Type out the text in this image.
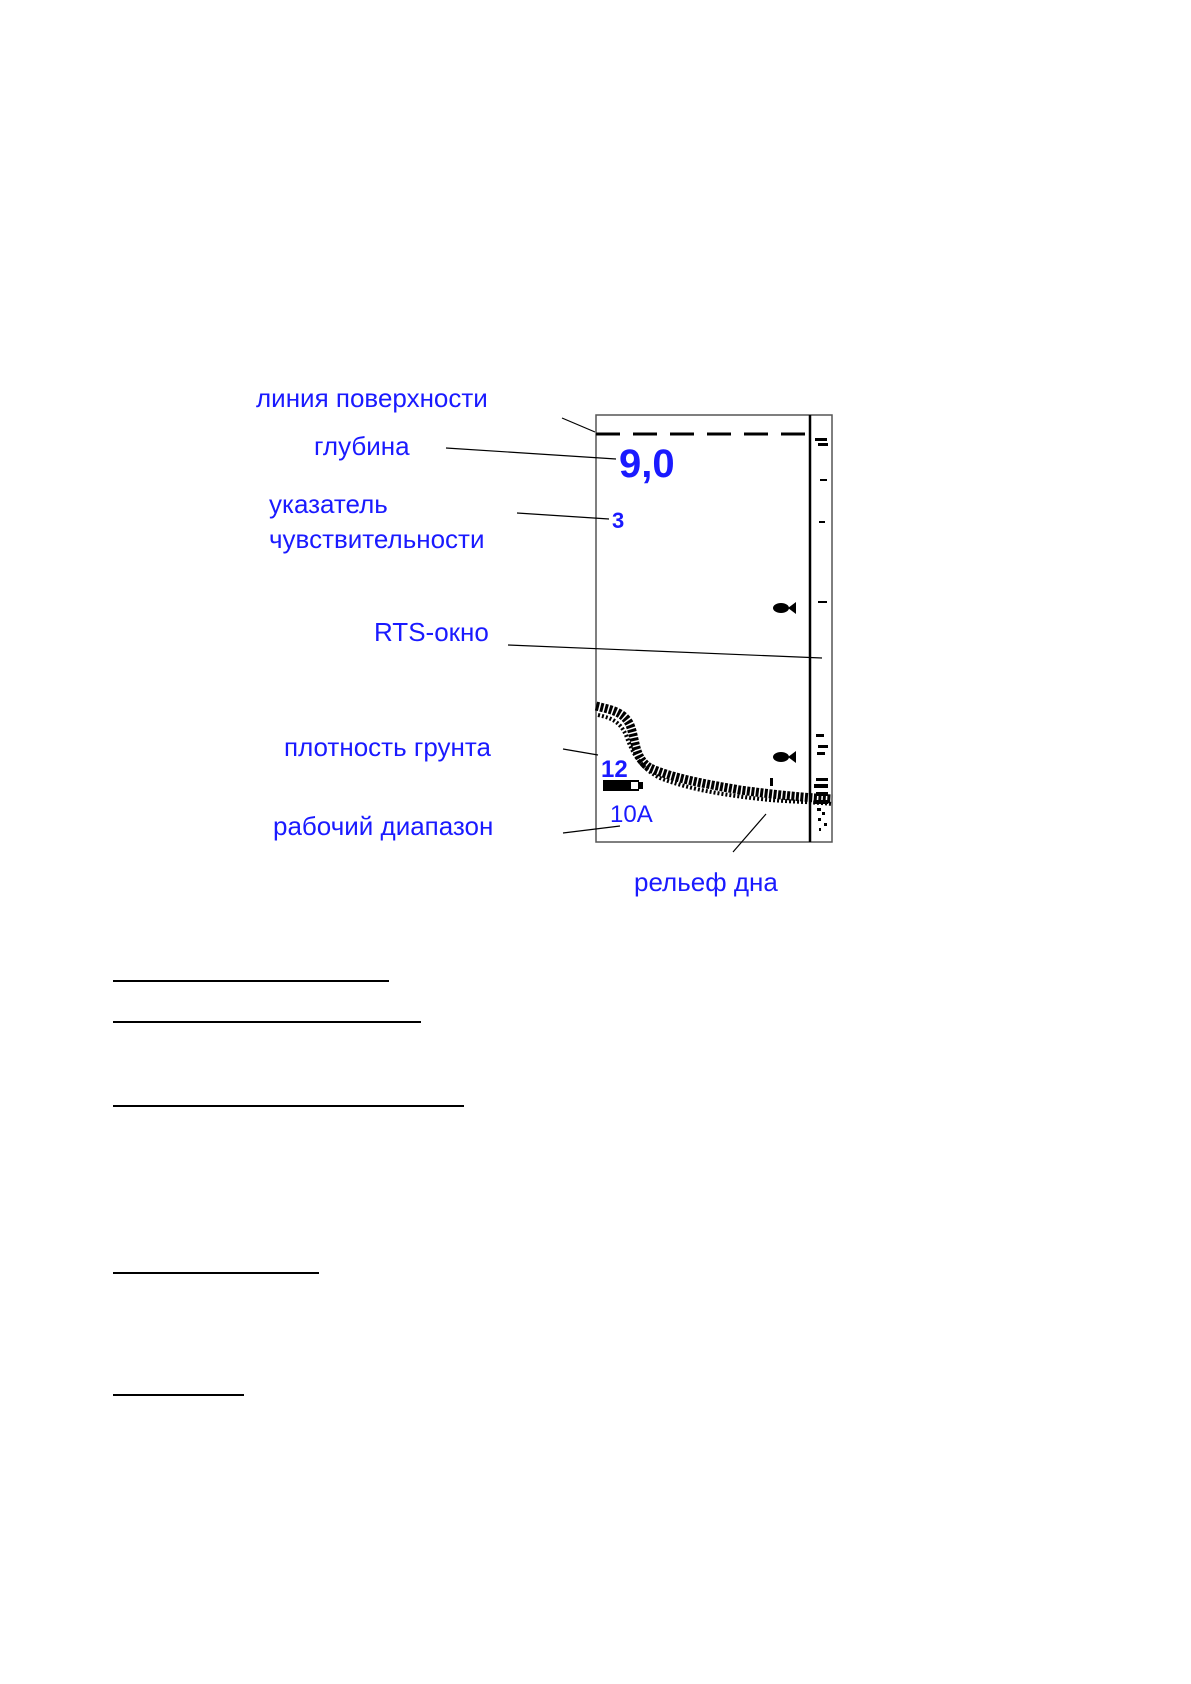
9,0
3
12
10A
линия поверхности
глубина
указатель
чувствительности
RTS-окно
плотность грунта
рабочий диапазон
рельеф дна
